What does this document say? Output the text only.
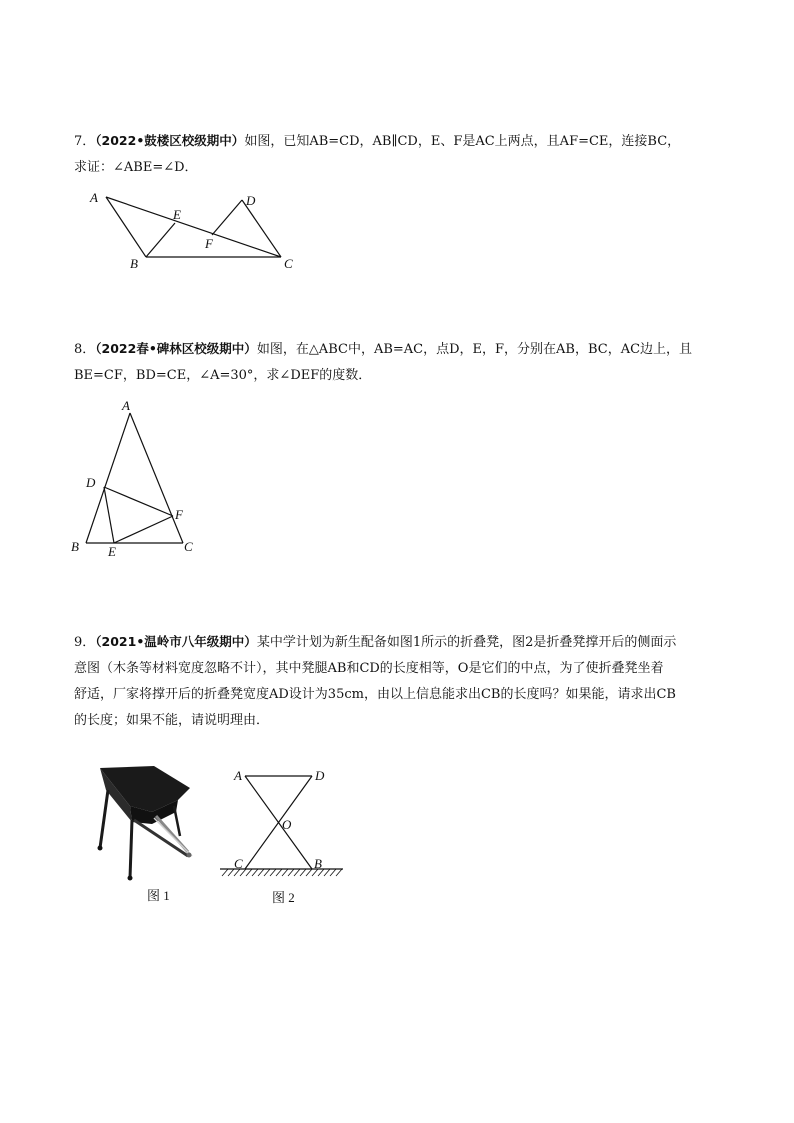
7．（2022•鼓楼区校级期中）如图，已知AB=CD，AB∥CD，E、F是AC上两点，且AF=CE，连接BC，
求证：∠ABE=∠D．
A
B	C
D
E
F
8．（2022春•碑林区校级期中）如图，在△ABC中，AB=AC，点D，E，F，分别在AB，BC，AC边上，且
BE=CF，BD=CE，∠A=30°，求∠DEF的度数．
A
B	C
D
E
F
9．（2021•温岭市八年级期中）某中学计划为新生配备如图1所示的折叠凳，图2是折叠凳撑开后的侧面示
意图（木条等材料宽度忽略不计），其中凳腿AB和CD的长度相等，O是它们的中点，为了使折叠凳坐着
舒适，厂家将撑开后的折叠凳宽度AD设计为35cm，由以上信息能求出CB的长度吗？如果能，请求出CB
的长度；如果不能，请说明理由．
图 1
A	D
O
C	B
图 2
